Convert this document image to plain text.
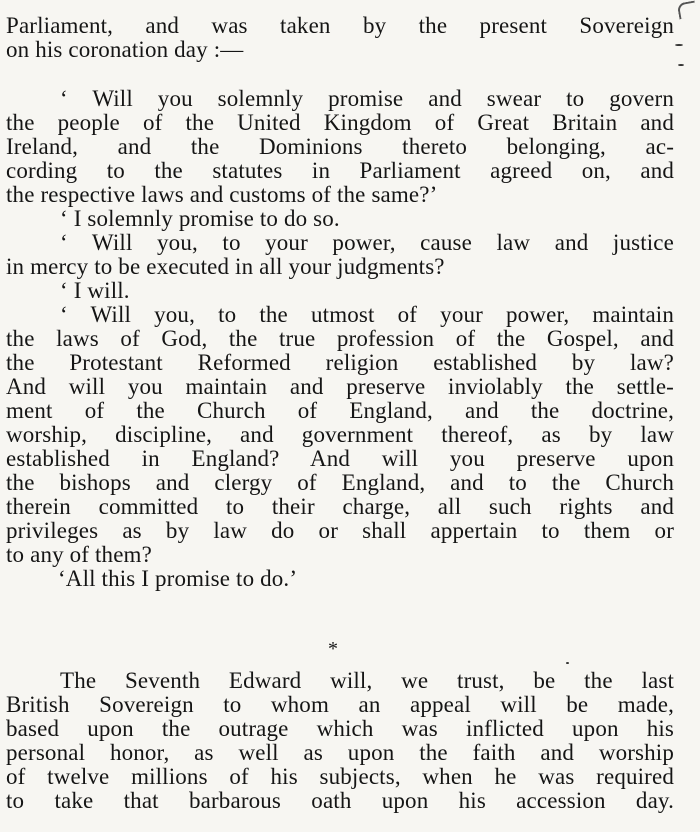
Parliament, and was taken by the present Sovereign
on his coronation day :—
‘ Will you solemnly promise and swear to govern
the people of the United Kingdom of Great Britain and
Ireland, and the Dominions thereto belonging, ac-
cording to the statutes in Parliament agreed on, and
the respective laws and customs of the same?’
‘ I solemnly promise to do so.
‘ Will you, to your power, cause law and justice
in mercy to be executed in all your judgments?
‘ I will.
‘ Will you, to the utmost of your power, maintain
the laws of God, the true profession of the Gospel, and
the Protestant Reformed religion established by law?
And will you maintain and preserve inviolably the settle-
ment of the Church of England, and the doctrine,
worship, discipline, and government thereof, as by law
established in England? And will you preserve upon
the bishops and clergy of England, and to the Church
therein committed to their charge, all such rights and
privileges as by law do or shall appertain to them or
to any of them?
‘All this I promise to do.’
*
The Seventh Edward will, we trust, be the last
British Sovereign to whom an appeal will be made,
based upon the outrage which was inflicted upon his
personal honor, as well as upon the faith and worship
of twelve millions of his subjects, when he was required
to take that barbarous oath upon his accession day.
